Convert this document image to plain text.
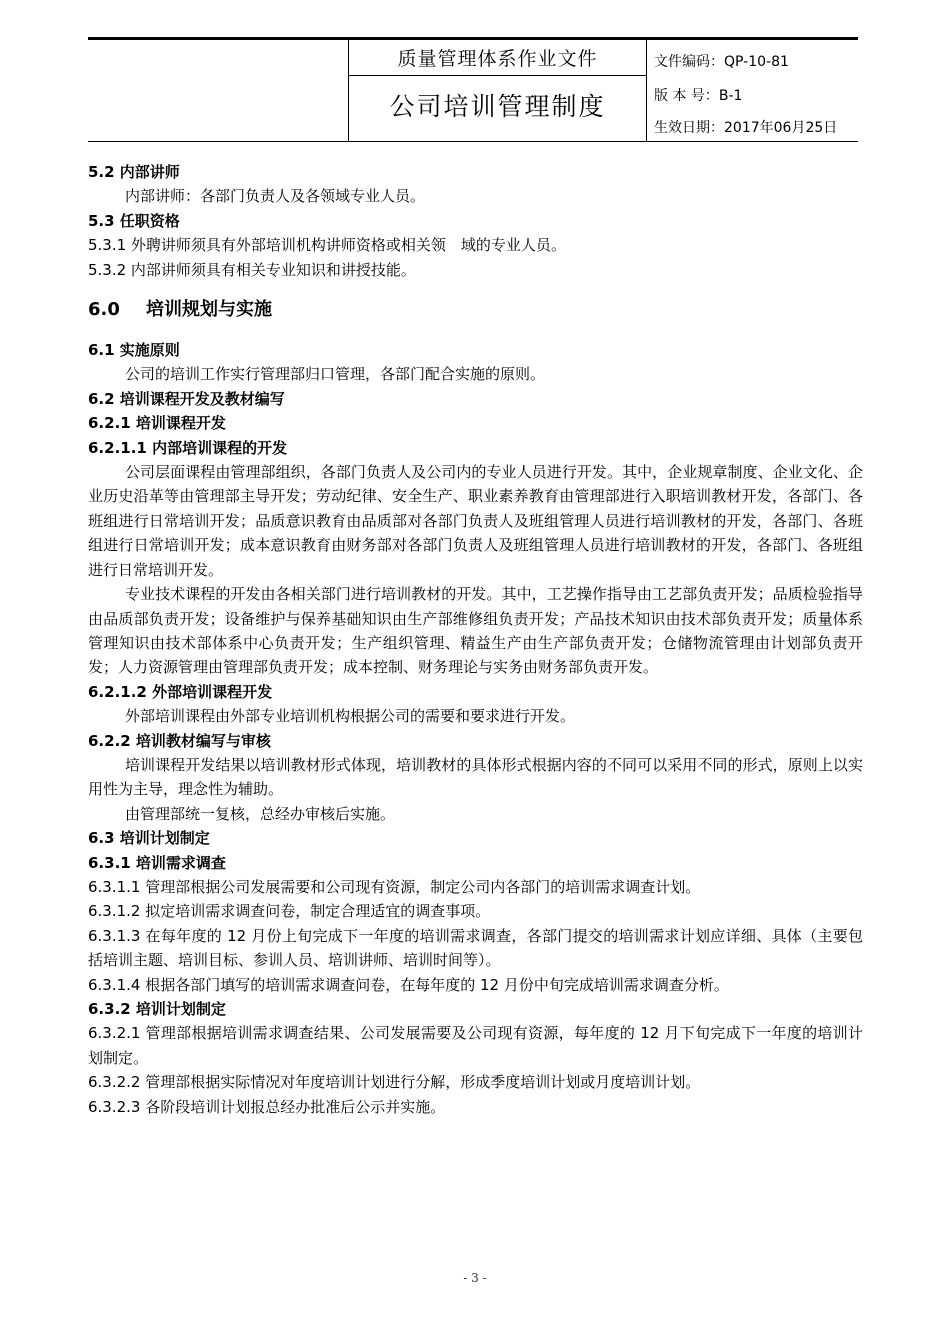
质量管理体系作业文件
公司培训管理制度
文件编码：QP-10-81
版 本 号：B-1
生效日期：2017年06月25日
5.2 内部讲师
内部讲师：各部门负责人及各领域专业人员。
5.3 任职资格
5.3.1 外聘讲师须具有外部培训机构讲师资格或相关领　域的专业人员。
5.3.2 内部讲师须具有相关专业知识和讲授技能。
6.0 培训规划与实施
6.1 实施原则
公司的培训工作实行管理部归口管理，各部门配合实施的原则。
6.2 培训课程开发及教材编写
6.2.1 培训课程开发
6.2.1.1 内部培训课程的开发

公司层面课程由管理部组织，各部门负责人及公司内的专业人员进行开发。其中，企业规章制度、企业文化、企业历史沿革等由管理部主导开发；劳动纪律、安全生产、职业素养教育由管理部进行入职培训教材开发，各部门、各班组进行日常培训开发；品质意识教育由品质部对各部门负责人及班组管理人员进行培训教材的开发，各部门、各班组进行日常培训开发；成本意识教育由财务部对各部门负责人及班组管理人员进行培训教材的开发，各部门、各班组进行日常培训开发。

专业技术课程的开发由各相关部门进行培训教材的开发。其中，工艺操作指导由工艺部负责开发；品质检验指导由品质部负责开发；设备维护与保养基础知识由生产部维修组负责开发；产品技术知识由技术部负责开发；质量体系管理知识由技术部体系中心负责开发；生产组织管理、精益生产由生产部负责开发；仓储物流管理由计划部负责开发；人力资源管理由管理部负责开发；成本控制、财务理论与实务由财务部负责开发。

6.2.1.2 外部培训课程开发
外部培训课程由外部专业培训机构根据公司的需要和要求进行开发。
6.2.2 培训教材编写与审核

培训课程开发结果以培训教材形式体现，培训教材的具体形式根据内容的不同可以采用不同的形式，原则上以实用性为主导，理念性为辅助。

由管理部统一复核，总经办审核后实施。
6.3 培训计划制定
6.3.1 培训需求调查
6.3.1.1 管理部根据公司发展需要和公司现有资源，制定公司内各部门的培训需求调查计划。
6.3.1.2 拟定培训需求调查问卷，制定合理适宜的调查事项。

6.3.1.3 在每年度的 12 月份上旬完成下一年度的培训需求调查，各部门提交的培训需求计划应详细、具体（主要包括培训主题、培训目标、参训人员、培训讲师、培训时间等）。

6.3.1.4 根据各部门填写的培训需求调查问卷，在每年度的 12 月份中旬完成培训需求调查分析。

6.3.2 培训计划制定

6.3.2.1 管理部根据培训需求调查结果、公司发展需要及公司现有资源，每年度的 12 月下旬完成下一年度的培训计划制定。

6.3.2.2 管理部根据实际情况对年度培训计划进行分解，形成季度培训计划或月度培训计划。
6.3.2.3 各阶段培训计划报总经办批准后公示并实施。
- 3 -
